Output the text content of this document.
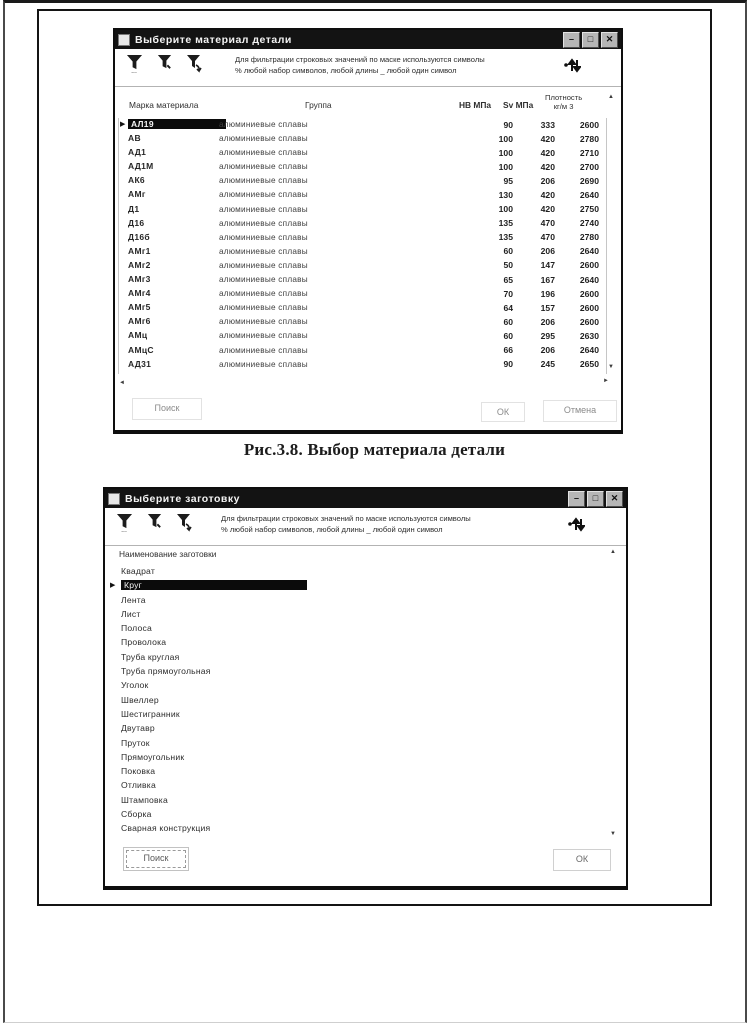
Выберите материал детали	–	□	✕
...
Для фильтрации строковых значений по маске используются символы
% любой набор символов, любой длины _ любой один символ
Марка материала	Группа	HB МПа Sv МПа
Плотность
кг/м 3
▲
▶ АЛ19	алюминиевые сплавы	90	333	2600
АВ	алюминиевые сплавы	100	420	2780
АД1	алюминиевые сплавы	100	420	2710
АД1М	алюминиевые сплавы	100	420	2700
АК6	алюминиевые сплавы	95	206	2690
АМг	алюминиевые сплавы	130	420	2640
Д1	алюминиевые сплавы	100	420	2750
Д16	алюминиевые сплавы	135	470	2740
Д16б	алюминиевые сплавы	135	470	2780
АМг1	алюминиевые сплавы	60	206	2640
АМг2	алюминиевые сплавы	50	147	2600
АМг3	алюминиевые сплавы	65	167	2640
АМг4	алюминиевые сплавы	70	196	2600
АМг5	алюминиевые сплавы	64	157	2600
АМг6	алюминиевые сплавы	60	206	2600
АМц	алюминиевые сплавы	60	295	2630
АМцС	алюминиевые сплавы	66	206	2640
АД31	алюминиевые сплавы	90	245	2650 ▼
◄	►
Поиск	ОК	Отмена
Рис.3.8. Выбор материала детали
Выберите заготовку	–	□	✕
...
Для фильтрации строковых значений по маске используются символы
% любой набор символов, любой длины _ любой один символ
Наименование заготовки	▲
Квадрат
▶	Круг
Лента
Лист
Полоса
Проволока
Труба круглая
Труба прямоугольная
Уголок
Швеллер
Шестигранник
Двутавр
Пруток
Прямоугольник
Поковка
Отливка
Штамповка
Сборка
Сварная конструкция
▼
Поиск	ОК
